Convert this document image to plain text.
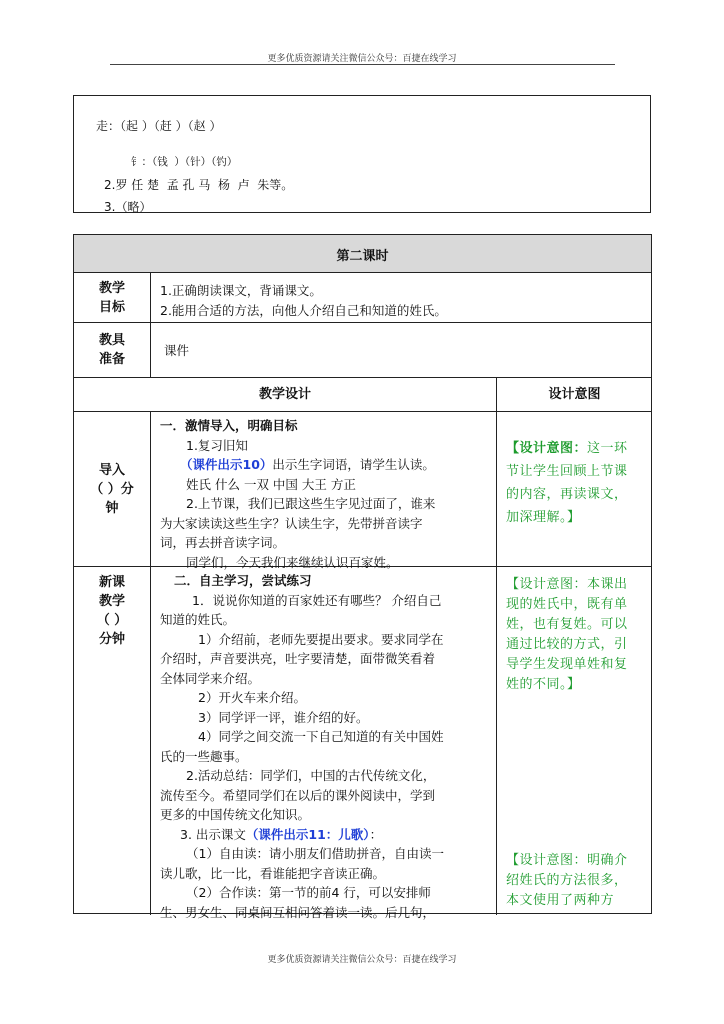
更多优质资源请关注微信公众号：百捷在线学习
更多优质资源请关注微信公众号：百捷在线学习
走：（起 ）（赶 ）（赵 ）
钅：（钱  ）（针）（钓）
2.罗 任 楚  孟 孔 马  杨  卢  朱等。
3.（略）
第二课时
教学
目标

1.正确朗读课文，背诵课文。

2.能用合适的方法，向他人介绍自己和知道的姓氏。

教具
准备
课件
教学设计	设计意图
导入
（ ）分
钟

一．激情导入，明确目标

1.复习旧知

（课件出示10）出示生字词语，请学生认读。

姓氏 什么 一双 中国 大王 方正

2.上节课，我们已跟这些生字见过面了，谁来

为大家读读这些生字？认读生字，先带拼音读字

词，再去拼音读字词。

同学们，今天我们来继续认识百家姓。

【设计意图：这一环

节让学生回顾上节课

的内容，再读课文，

加深理解。】

新课
教学
（ ）
分钟

二．自主学习，尝试练习

1．说说你知道的百家姓还有哪些？ 介绍自己

知道的姓氏。

1）介绍前，老师先要提出要求。要求同学在

介绍时，声音要洪亮，吐字要清楚，面带微笑看着

全体同学来介绍。

2）开火车来介绍。

3）同学评一评，谁介绍的好。

4）同学之间交流一下自己知道的有关中国姓

氏的一些趣事。

2.活动总结：同学们，中国的古代传统文化，

流传至今。希望同学们在以后的课外阅读中，学到

更多的中国传统文化知识。

3. 出示课文（课件出示11：儿歌）：

（1）自由读：请小朋友们借助拼音，自由读一

读儿歌，比一比，看谁能把字音读正确。

（2）合作读：第一节的前4 行，可以安排师

生、男女生、同桌间互相问答着读一读。后几句，

【设计意图：本课出

现的姓氏中，既有单

姓，也有复姓。可以

通过比较的方式，引

导学生发现单姓和复

姓的不同。】

【设计意图：明确介

绍姓氏的方法很多，

本文使用了两种方
